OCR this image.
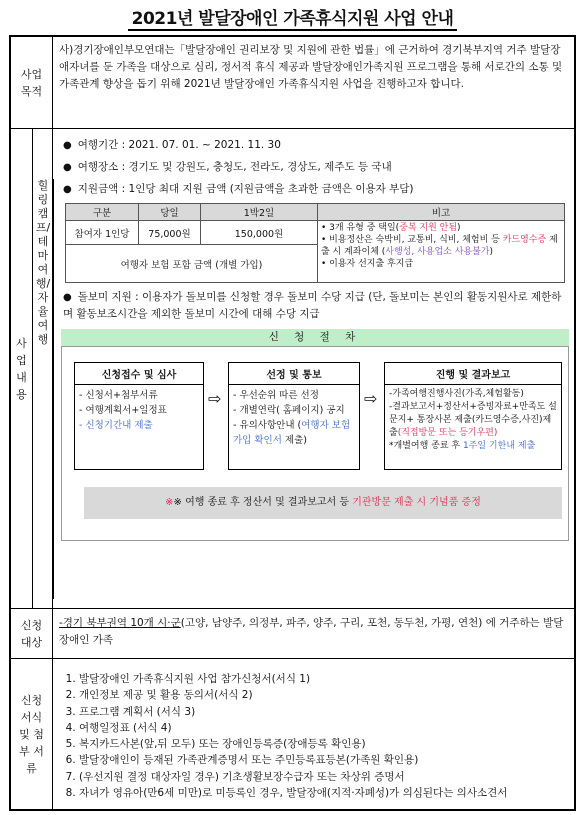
2021년 발달장애인 가족휴식지원 사업 안내
사업 목적
사)경기장애인부모연대는「발달장애인 권리보장 및 지원에 관한 법률」에 근거하여 경기북부지역 거주 발달장애자녀를 둔 가족을 대상으로 심리, 정서적 휴식 제공과 발달장애인가족지원 프로그램을 통해 서로간의 소통 및 가족관계 향상을 돕기 위해 2021년 발달장애인 가족휴식지원 사업을 진행하고자 합니다.
사업 내용
힐링캠프/테마여행/자율여행
● 여행기간 : 2021. 07. 01. ~ 2021. 11. 30
● 여행장소 : 경기도 및 강원도, 충청도, 전라도, 경상도, 제주도 등 국내
● 지원금액 : 1인당 최대 지원 금액 (지원금액을 초과한 금액은 이용자 부담)
구분	당일	1박2일	비고
참여자 1인당	75,000원	150,000원	• 3개 유형 중 택일(중복 지원 안됨)
• 비용정산은 숙박비, 교통비, 식비, 체험비 등 카드영수증 제출 시 계좌이체 (사행성, 사용업소 사용불가)
• 이용자 선지출 후지급

여행자 보험 포함 금액 (개별 가입)			
● 돌보미 지원 : 이용자가 돌보미를 신청할 경우 돌보미 수당 지급 (단, 돌보미는 본인의 활동지원사로 제한하며 활동보조시간을 제외한 돌보미 시간에 대해 수당 지급
신 청 절 차
신청접수 및 심사
- 신청서+첨부서류
- 여행계획서+일정표
- 신청기간내 제출
⇨
선정 및 통보
- 우선순위 따른 선정
- 개별연락( 홈페이지) 공지
- 유의사항안내 (여행자 보험 가입 확인서 제출)
⇨
진행 및 결과보고
-가족여행진행사진(가족,체험활동)
-결과보고서+정산서+증빙자료+만족도 설문지+ 통장사본 제출(카드영수증,사진)제출(직접방문 또는 등기우편)
*개별여행 종료 후 1주일 기한내 제출
※※ 여행 종료 후 정산서 및 결과보고서 등 기관방문 제출 시 기념품 증정
신청 대상
-경기 북부권역 10개 시·군(고양, 남양주, 의정부, 파주, 양주, 구리, 포천, 동두천, 가평, 연천) 에 거주하는 발달장애인 가족
신청 서식 및 첨부 서류
1. 발달장애인 가족휴식지원 사업 참가신청서(서식 1)
2. 개인정보 제공 및 활용 동의서(서식 2)
3. 프로그램 계획서 (서식 3)
4. 여행일정표 (서식 4)
5. 복지카드사본(앞,뒤 모두) 또는 장애인등록증(장애등록 확인용)
6. 발달장애인이 등재된 가족관계증명서 또는 주민등록표등본(가족원 확인용)
7. (우선지원 결정 대상자일 경우) 기초생활보장수급자 또는 차상위 증명서
8. 자녀가 영유아(만6세 미만)로 미등록인 경우, 발달장애(지적·자폐성)가 의심된다는 의사소견서
